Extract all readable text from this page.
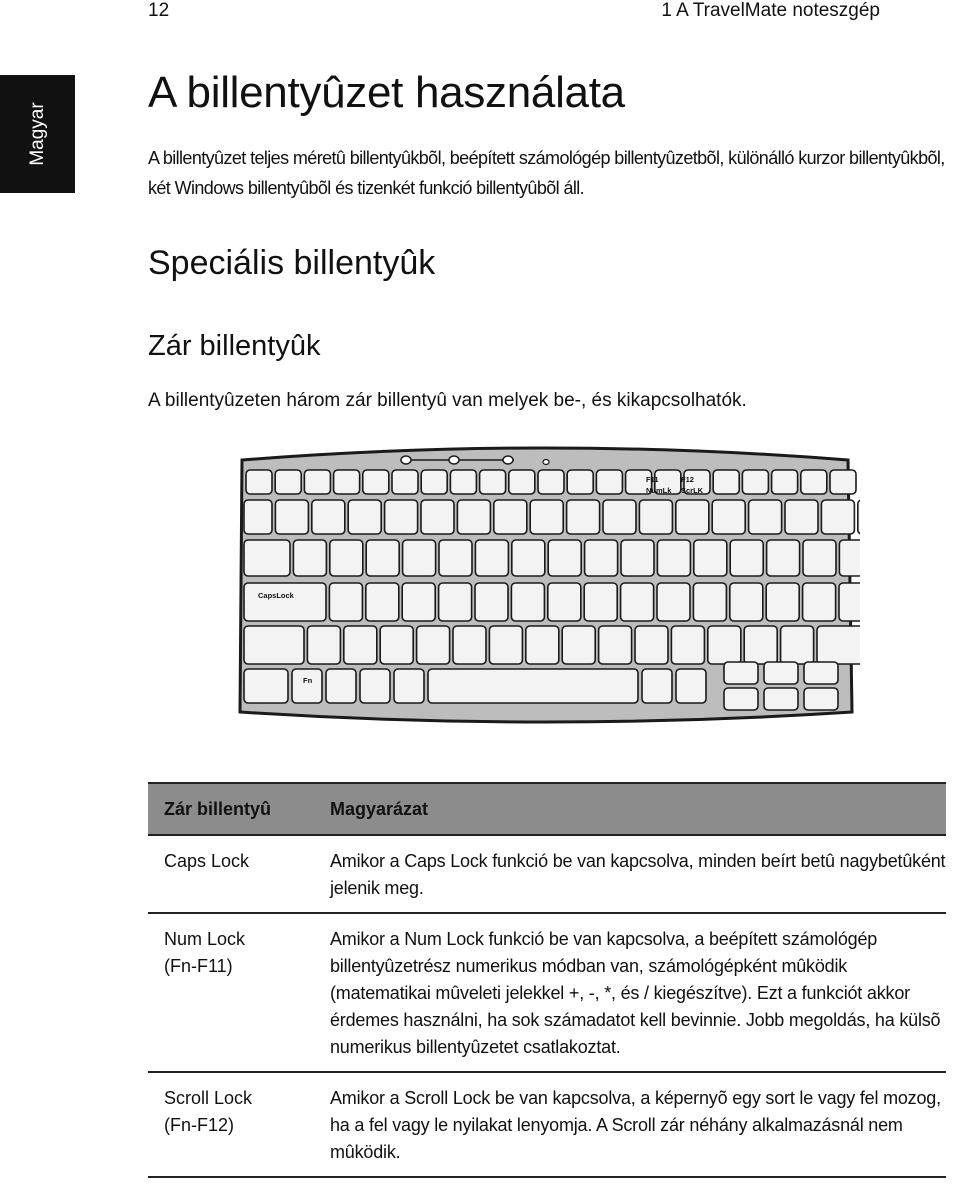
12	1 A TravelMate noteszgép
Magyar
A billentyûzet használata

A billentyûzet teljes méretû billentyûkbõl, beépített számológép billentyûzetbõl, különálló kurzor billentyûkbõl, két Windows billentyûbõl és tizenkét funkció billentyûbõl áll.

Speciális billentyûk
Zár billentyûk

A billentyûzeten három zár billentyû van melyek be-, és kikapcsolhatók.

F11
NumLk
F12
ScrLK
CapsLock
Fn
Zár billentyû	Magyarázat

Caps Lock	Amikor a Caps Lock funkció be van kapcsolva, minden beírt betû nagybetûként jelenik meg.

Num Lock
(Fn-F11)	Amikor a Num Lock funkció be van kapcsolva, a beépített számológép billentyûzetrész numerikus módban van, számológépként mûködik (matematikai mûveleti jelekkel +, -, *, és / kiegészítve). Ezt a funkciót akkor érdemes használni, ha sok számadatot kell bevinnie. Jobb megoldás, ha külsõ numerikus billentyûzetet csatlakoztat.

Scroll Lock
(Fn-F12)	Amikor a Scroll Lock be van kapcsolva, a képernyõ egy sort le vagy fel mozog, ha a fel vagy le nyilakat lenyomja. A Scroll zár néhány alkalmazásnál nem mûködik.
